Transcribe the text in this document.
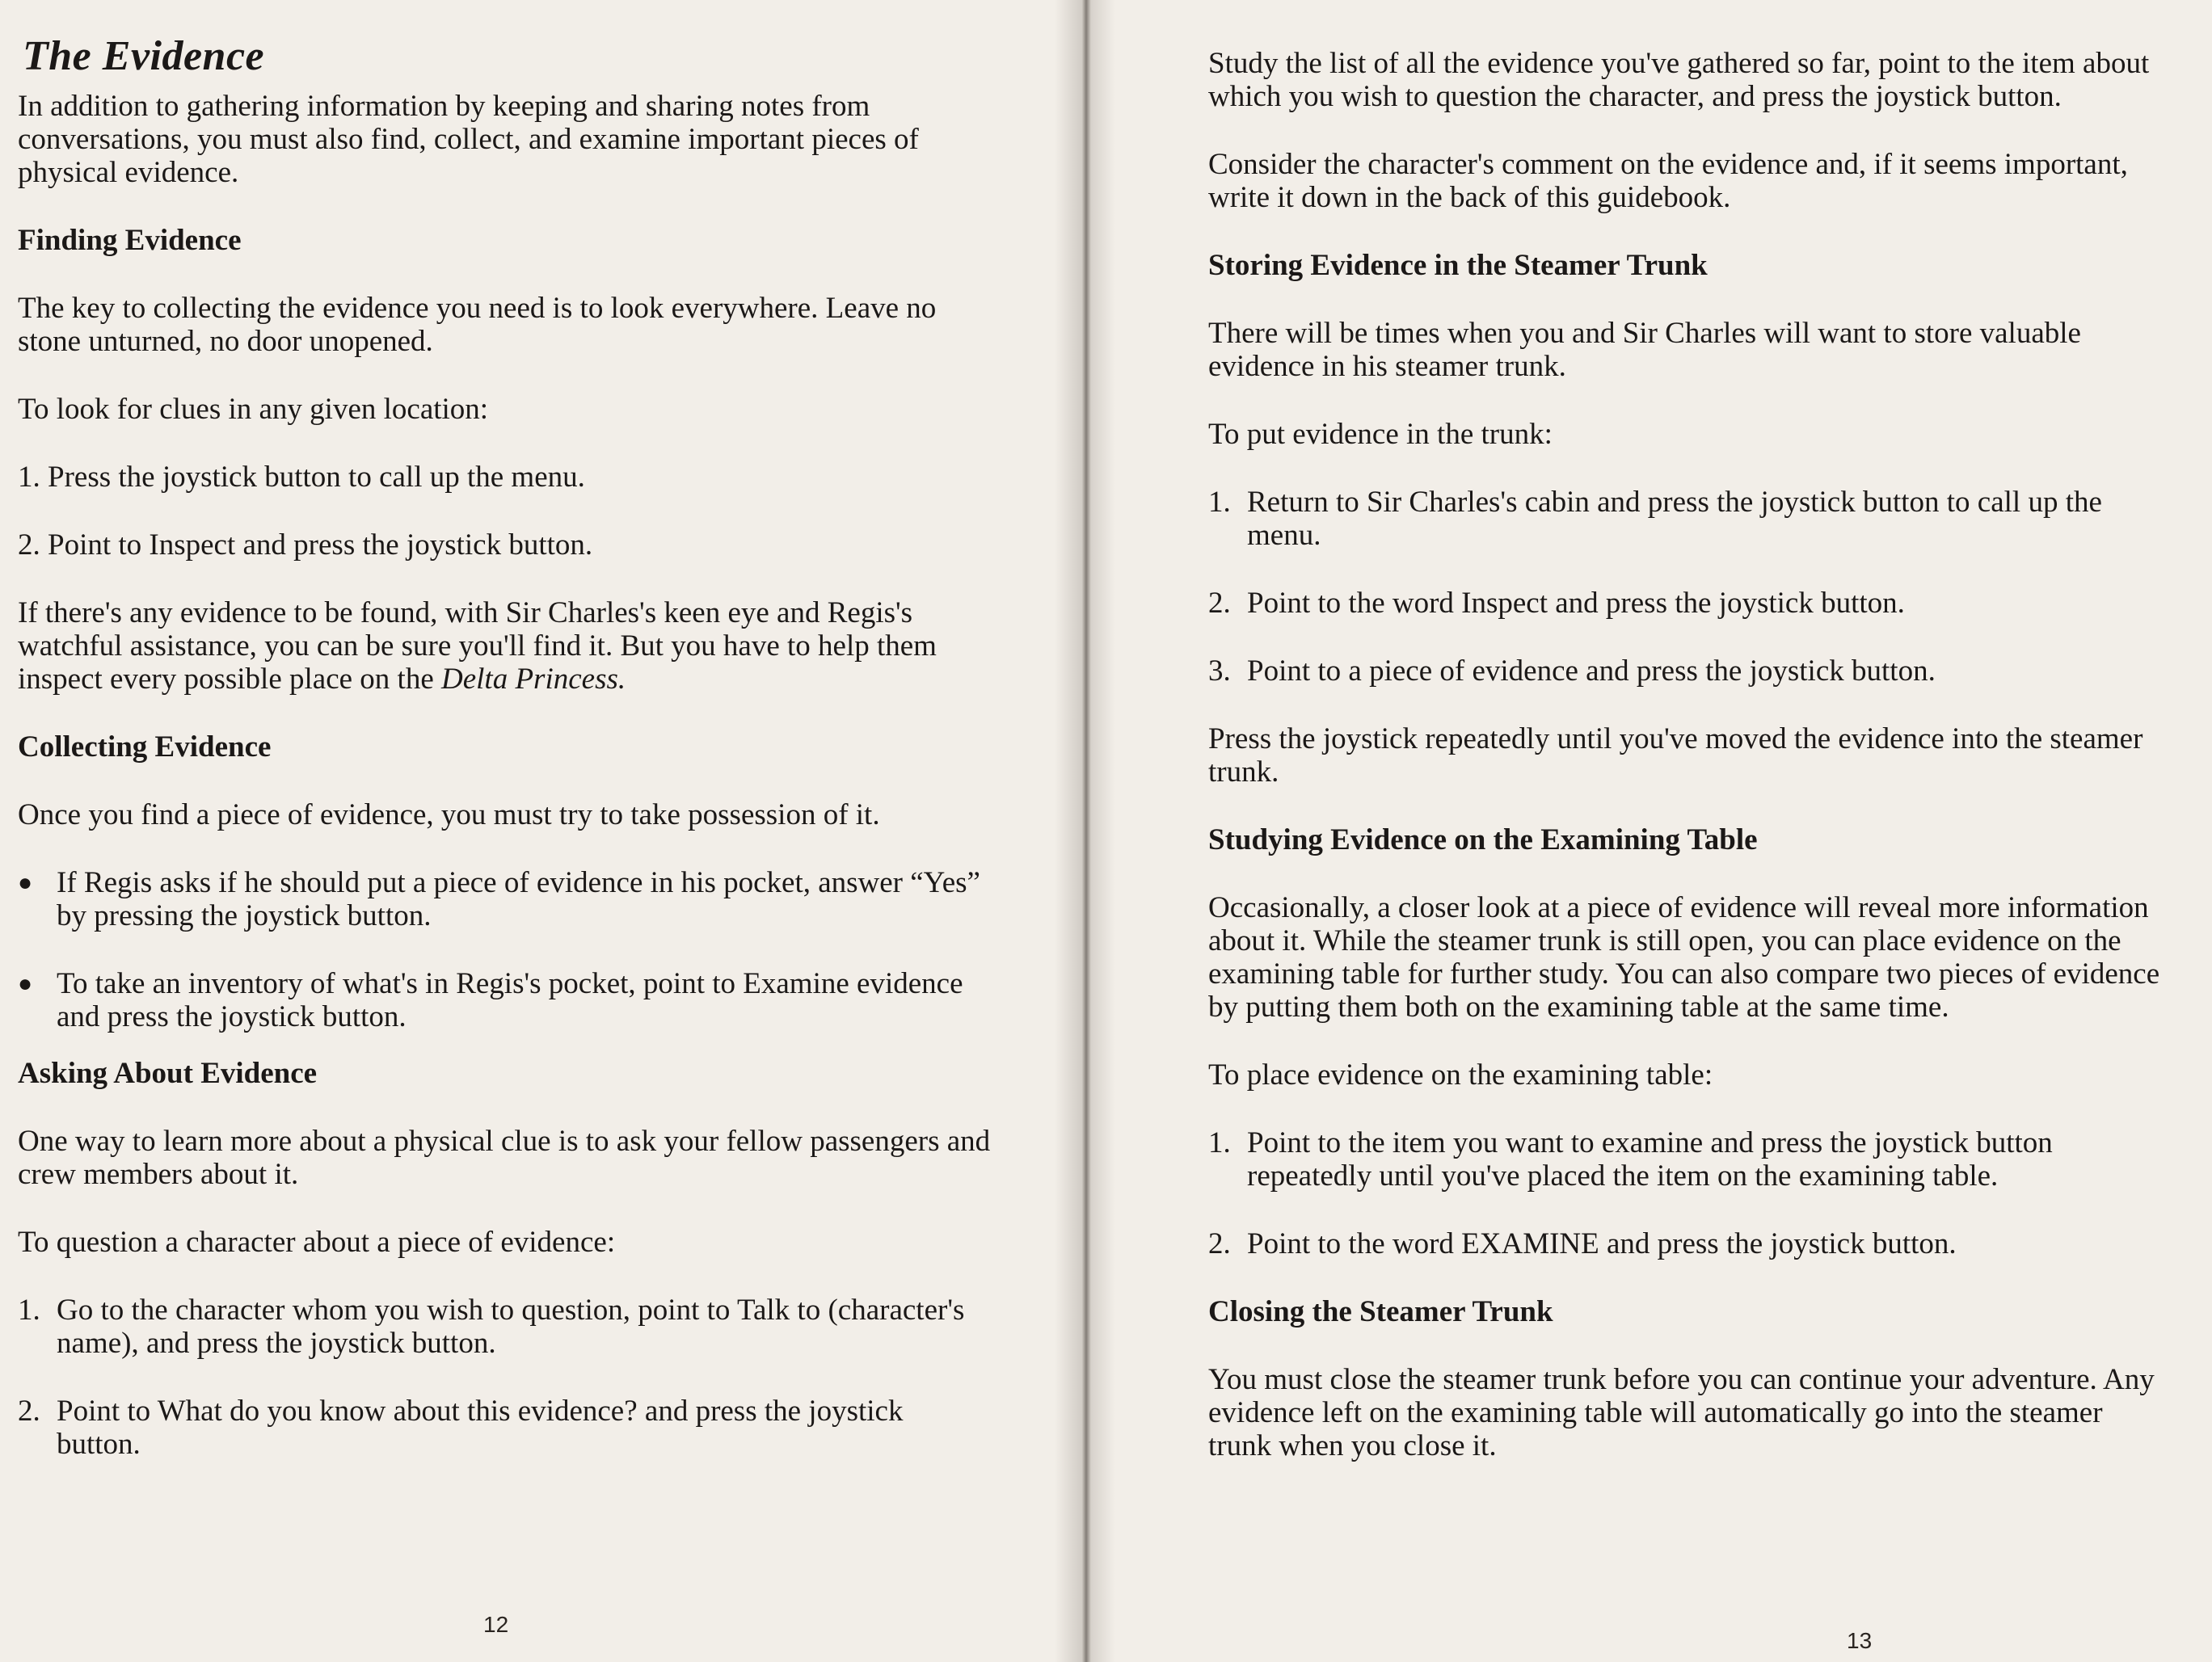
The Evidence

In addition to gathering information by keeping and sharing notes from conversations, you must also find, collect, and examine important pieces of physical evidence.

Finding Evidence

The key to collecting the evidence you need is to look everywhere. Leave no stone unturned, no door unopened.

To look for clues in any given location:

1. Press the joystick button to call up the menu.
2. Point to Inspect and press the joystick button.

If there's any evidence to be found, with Sir Charles's keen eye and Regis's watchful assistance, you can be sure you'll find it. But you have to help them inspect every possible place on the Delta Princess.

Collecting Evidence

Once you find a piece of evidence, you must try to take possession of it.

● If Regis asks if he should put a piece of evidence in his pocket, answer “Yes” by pressing the joystick button.
● To take an inventory of what's in Regis's pocket, point to Examine evidence and press the joystick button.
Asking About Evidence

One way to learn more about a physical clue is to ask your fellow passengers and crew members about it.

To question a character about a piece of evidence:

1. Go to the character whom you wish to question, point to Talk to (character's name), and press the joystick button.
2. Point to What do you know about this evidence? and press the joystick button.
12

Study the list of all the evidence you've gathered so far, point to the item about which you wish to question the character, and press the joystick button.

Consider the character's comment on the evidence and, if it seems important, write it down in the back of this guidebook.

Storing Evidence in the Steamer Trunk

There will be times when you and Sir Charles will want to store valuable evidence in his steamer trunk.

To put evidence in the trunk:

1. Return to Sir Charles's cabin and press the joystick button to call up the menu.
2. Point to the word Inspect and press the joystick button.
3. Point to a piece of evidence and press the joystick button.

Press the joystick repeatedly until you've moved the evidence into the steamer trunk.

Studying Evidence on the Examining Table

Occasionally, a closer look at a piece of evidence will reveal more information about it. While the steamer trunk is still open, you can place evidence on the examining table for further study. You can also compare two pieces of evidence by putting them both on the examining table at the same time.

To place evidence on the examining table:

1. Point to the item you want to examine and press the joystick button repeatedly until you've placed the item on the examining table.
2. Point to the word EXAMINE and press the joystick button.
Closing the Steamer Trunk

You must close the steamer trunk before you can continue your adventure. Any evidence left on the examining table will automatically go into the steamer trunk when you close it.

13
